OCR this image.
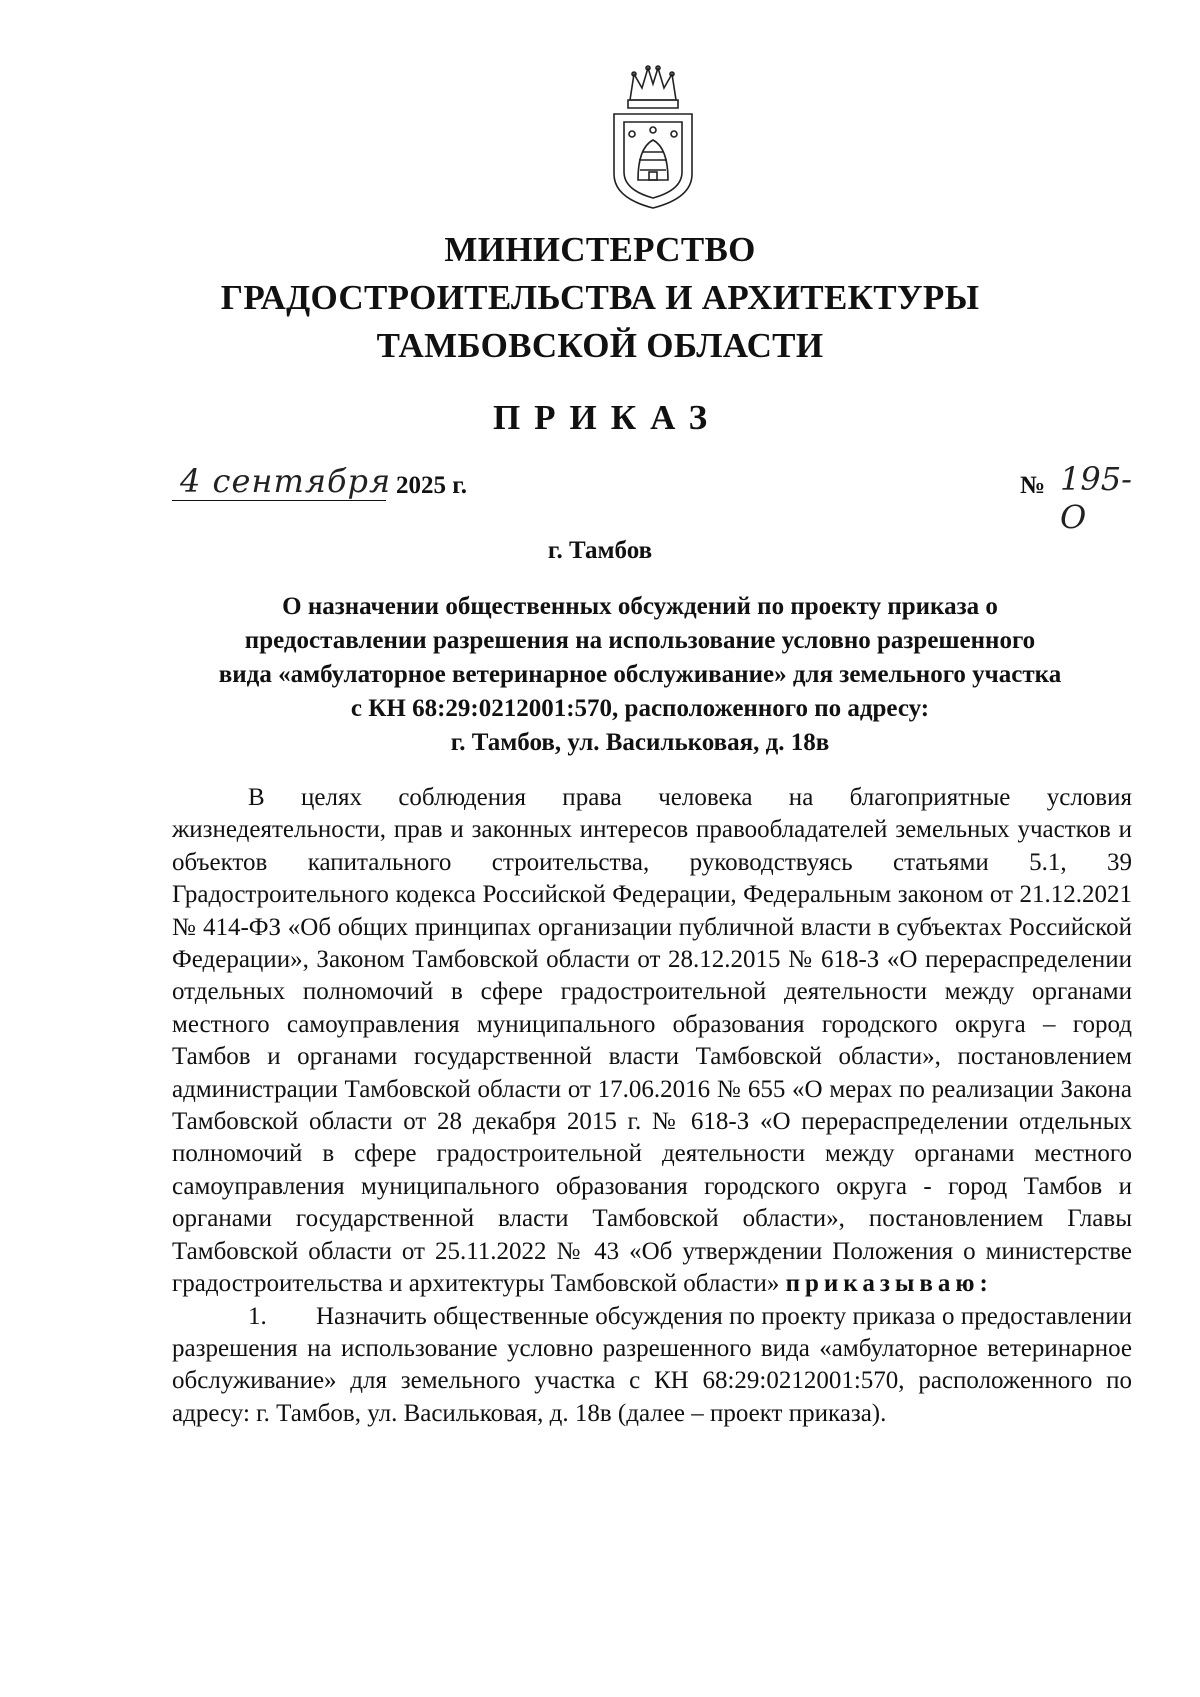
МИНИСТЕРСТВО
ГРАДОСТРОИТЕЛЬСТВА И АРХИТЕКТУРЫ
ТАМБОВСКОЙ ОБЛАСТИ
ПРИКАЗ
4 сентября 2025 г.	№ 195-О
г. Тамбов
О назначении общественных обсуждений по проекту приказа о
предоставлении разрешения на использование условно разрешенного
вида «амбулаторное ветеринарное обслуживание» для земельного участка
с КН 68:29:0212001:570, расположенного по адресу:
г. Тамбов, ул. Васильковая, д. 18в

В целях соблюдения права человека на благоприятные условия жизнедеятельности, прав и законных интересов правообладателей земельных участков и объектов капитального строительства, руководствуясь статьями 5.1, 39 Градостроительного кодекса Российской Федерации, Федеральным законом от 21.12.2021 № 414-ФЗ «Об общих принципах организации публичной власти в субъектах Российской Федерации», Законом Тамбовской области от 28.12.2015 № 618-З «О перераспределении отдельных полномочий в сфере градостроительной деятельности между органами местного самоуправления муниципального образования городского округа – город Тамбов и органами государственной власти Тамбовской области», постановлением администрации Тамбовской области от 17.06.2016 № 655 «О мерах по реализации Закона Тамбовской области от 28 декабря 2015 г. № 618-З «О перераспределении отдельных полномочий в сфере градостроительной деятельности между органами местного самоуправления муниципального образования городского округа - город Тамбов и органами государственной власти Тамбовской области», постановлением Главы Тамбовской области от 25.11.2022 № 43 «Об утверждении Положения о министерстве градостроительства и архитектуры Тамбовской области» приказываю:

1. Назначить общественные обсуждения по проекту приказа о предоставлении разрешения на использование условно разрешенного вида «амбулаторное ветеринарное обслуживание» для земельного участка с КН 68:29:0212001:570, расположенного по адресу: г. Тамбов, ул. Васильковая, д. 18в (далее – проект приказа).
